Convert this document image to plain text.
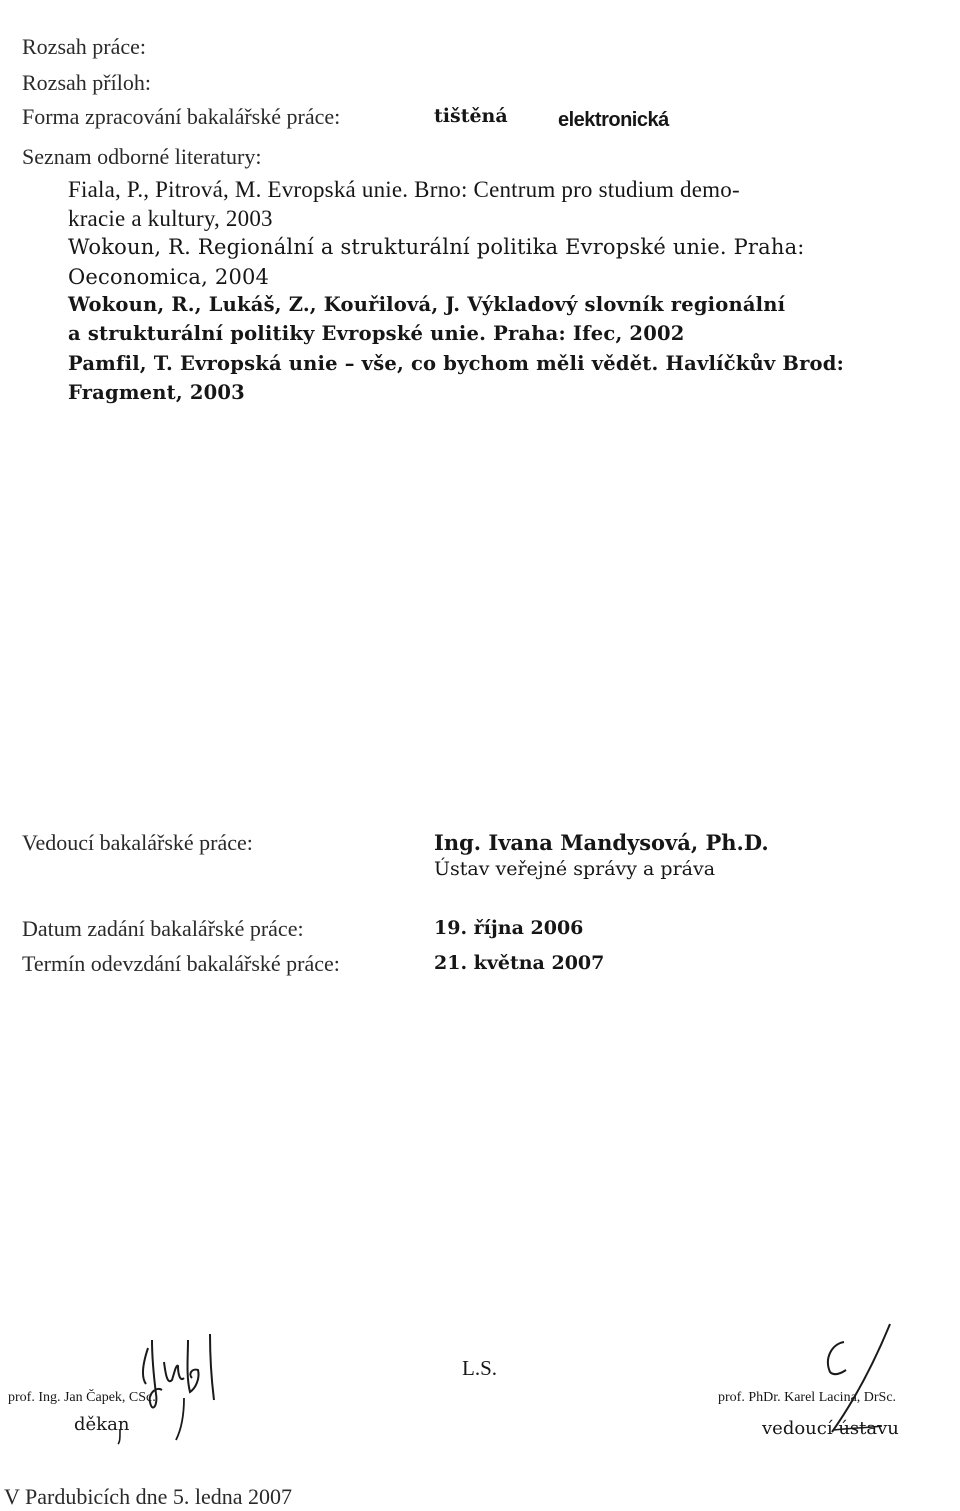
Rozsah práce:
Rozsah příloh:
Forma zpracování bakalářské práce:	tištěná	elektronická
Seznam odborné literatury:
Fiala, P., Pitrová, M. Evropská unie. Brno: Centrum pro studium demo-
kracie a kultury, 2003
Wokoun, R. Regionální a strukturální politika Evropské unie. Praha:
Oeconomica, 2004
Wokoun, R., Lukáš, Z., Kouřilová, J. Výkladový slovník regionální
a strukturální politiky Evropské unie. Praha: Ifec, 2002
Pamfil, T. Evropská unie – vše, co bychom měli vědět. Havlíčkův Brod:
Fragment, 2003
Vedoucí bakalářské práce:	Ing. Ivana Mandysová, Ph.D.
Ústav veřejné správy a práva
Datum zadání bakalářské práce:	19. října 2006
Termín odevzdání bakalářské práce:	21. května 2007
prof. Ing. Jan Čapek, CSc.
děkan
L.S.
prof. PhDr. Karel Lacina, DrSc.
vedoucí ústavu
V Pardubicích dne 5. ledna 2007
